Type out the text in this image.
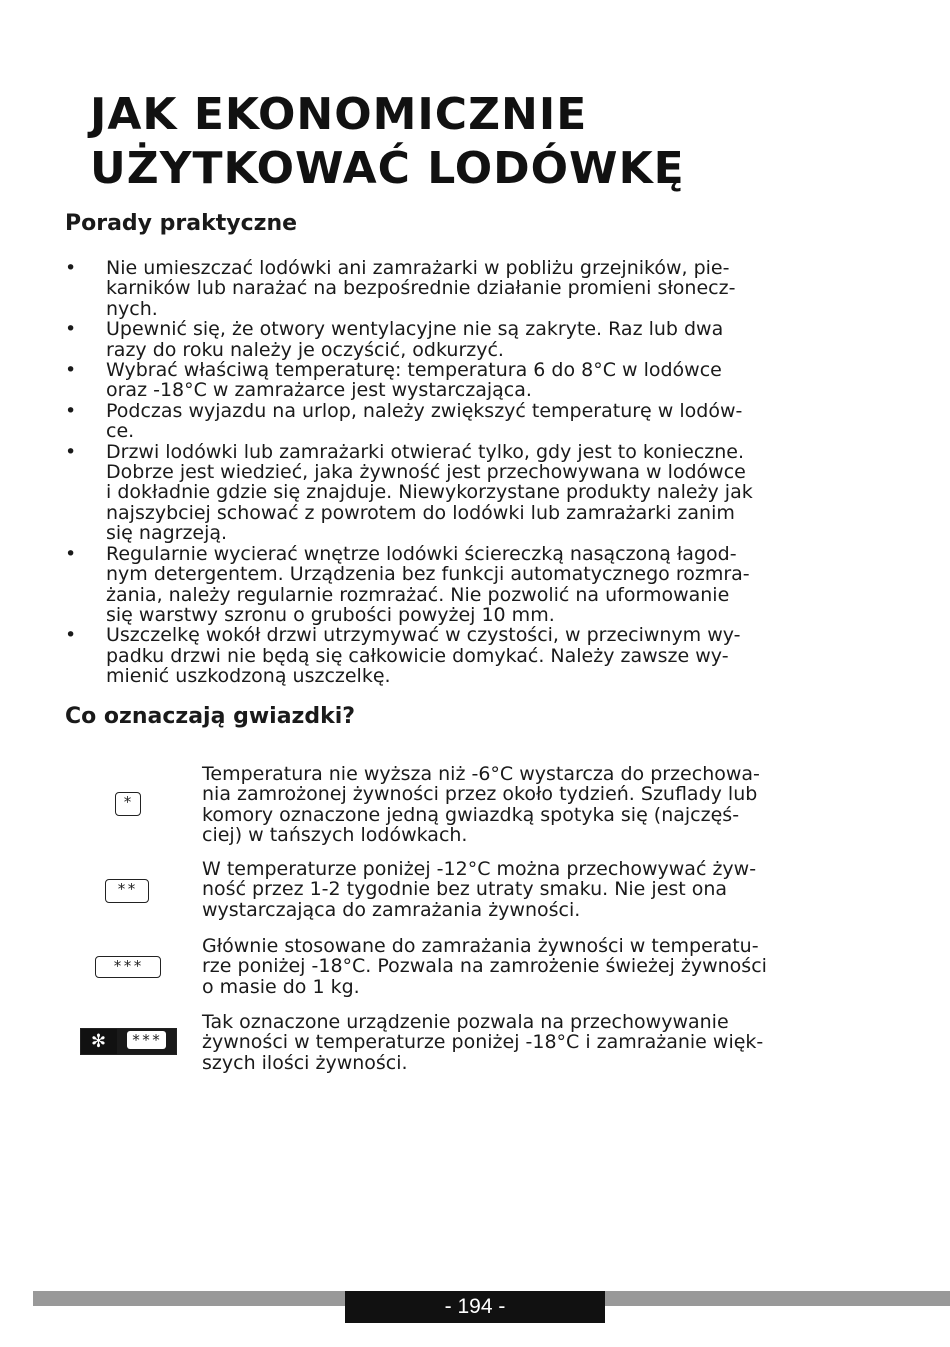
JAK EKONOMICZNIE
UŻYTKOWAĆ LODÓWKĘ
Porady praktyczne
•	Nie umieszczać lodówki ani zamrażarki w pobliżu grzejników, pie-
karników lub narażać na bezpośrednie działanie promieni słonecz-
nych.
•	Upewnić się, że otwory wentylacyjne nie są zakryte. Raz lub dwa
razy do roku należy je oczyścić, odkurzyć.
•	Wybrać właściwą temperaturę: temperatura 6 do 8°C w lodówce
oraz -18°C w zamrażarce jest wystarczająca.
•	Podczas wyjazdu na urlop, należy zwiększyć temperaturę w lodów-
ce.
•	Drzwi lodówki lub zamrażarki otwierać tylko, gdy jest to konieczne.
Dobrze jest wiedzieć, jaka żywność jest przechowywana w lodówce
i dokładnie gdzie się znajduje. Niewykorzystane produkty należy jak
najszybciej schować z powrotem do lodówki lub zamrażarki zanim
się nagrzeją.
•	Regularnie wycierać wnętrze lodówki ściereczką nasączoną łagod-
nym detergentem. Urządzenia bez funkcji automatycznego rozmra-
żania, należy regularnie rozmrażać. Nie pozwolić na uformowanie
się warstwy szronu o grubości powyżej 10 mm.
•	Uszczelkę wokół drzwi utrzymywać w czystości, w przeciwnym wy-
padku drzwi nie będą się całkowicie domykać. Należy zawsze wy-
mienić uszkodzoną uszczelkę.
Co oznaczają gwiazdki?
*
Temperatura nie wyższa niż -6°C wystarcza do przechowa-
nia zamrożonej żywności przez około tydzień. Szuflady lub
komory oznaczone jedną gwiazdką spotyka się (najczęś-
ciej) w tańszych lodówkach.
**
W temperaturze poniżej -12°C można przechowywać żyw-
ność przez 1-2 tygodnie bez utraty smaku. Nie jest ona
wystarczająca do zamrażania żywności.
***
Głównie stosowane do zamrażania żywności w temperatu-
rze poniżej -18°C. Pozwala na zamrożenie świeżej żywności
o masie do 1 kg.
✻	***
Tak oznaczone urządzenie pozwala na przechowywanie
żywności w temperaturze poniżej -18°C i zamrażanie więk-
szych ilości żywności.
- 194 -
